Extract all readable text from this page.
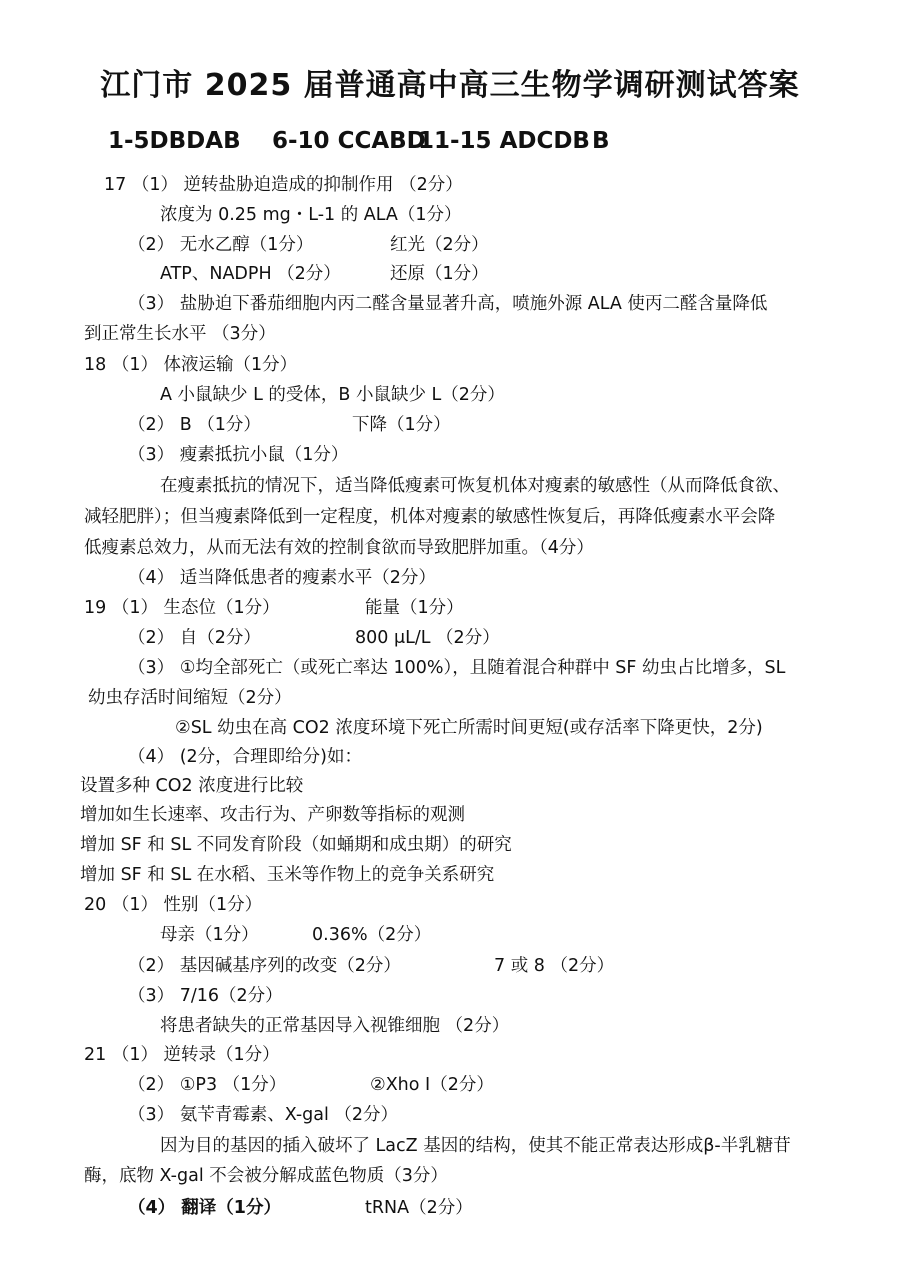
江门市 2025 届普通高中高三生物学调研测试答案
1-5DBDAB 6-10 CCABD
11-15 ADCDB B
17 （1） 逆转盐胁迫造成的抑制作用 （2分）
浓度为 0.25 mg・L-1 的 ALA（1分）
（2） 无水乙醇（1分）	红光（2分）
ATP、NADPH （2分）	还原（1分）
（3） 盐胁迫下番茄细胞内丙二醛含量显著升高，喷施外源 ALA 使丙二醛含量降低
到正常生长水平 （3分）
18 （1） 体液运输（1分）
A 小鼠缺少 L 的受体，B 小鼠缺少 L（2分）
（2） B （1分）	下降（1分）
（3） 瘦素抵抗小鼠（1分）
在瘦素抵抗的情况下，适当降低瘦素可恢复机体对瘦素的敏感性（从而降低食欲、
减轻肥胖）；但当瘦素降低到一定程度，机体对瘦素的敏感性恢复后，再降低瘦素水平会降
低瘦素总效力，从而无法有效的控制食欲而导致肥胖加重。（4分）
（4） 适当降低患者的瘦素水平（2分）
19 （1） 生态位（1分）	能量（1分）
（2） 自（2分）	800 μL/L （2分）
（3） ①均全部死亡（或死亡率达 100%），且随着混合种群中 SF 幼虫占比增多，SL
幼虫存活时间缩短（2分）
②SL 幼虫在高 CO2 浓度环境下死亡所需时间更短(或存活率下降更快，2分)
（4） (2分，合理即给分)如：
设置多种 CO2 浓度进行比较
增加如生长速率、攻击行为、产卵数等指标的观测
增加 SF 和 SL 不同发育阶段（如蛹期和成虫期）的研究
增加 SF 和 SL 在水稻、玉米等作物上的竞争关系研究
20 （1） 性别（1分）
母亲（1分）	0.36%（2分）
（2） 基因碱基序列的改变（2分）	7 或 8 （2分）
（3） 7/16（2分）
将患者缺失的正常基因导入视锥细胞 （2分）
21 （1） 逆转录（1分）
（2） ①P3 （1分）	②Xho I（2分）
（3） 氨苄青霉素、X-gal （2分）
因为目的基因的插入破坏了 LacZ 基因的结构，使其不能正常表达形成β-半乳糖苷
酶，底物 X-gal 不会被分解成蓝色物质（3分）
（4） 翻译（1分）	tRNA（2分）
